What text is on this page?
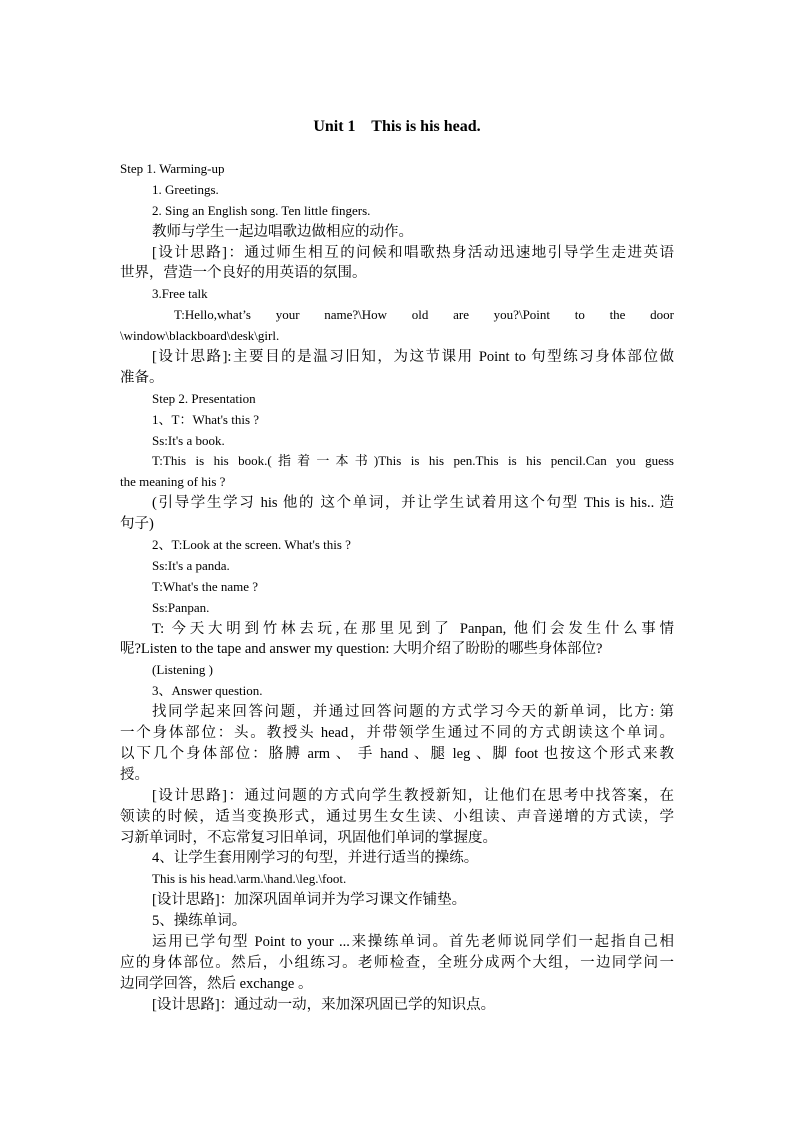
Unit 1    This is his head.
Step 1. Warming-up
1. Greetings.
2. Sing an English song. Ten little fingers.
教师与学生一起边唱歌边做相应的动作。
[设计思路]：通过师生相互的问候和唱歌热身活动迅速地引导学生走进英语
世界，营造一个良好的用英语的氛围。
3.Free talk
T:Hello,what’s your name?\How old are you?\Point to the door
\window\blackboard\desk\girl.
[设计思路]:主要目的是温习旧知，为这节课用 Point to 句型练习身体部位做
准备。
Step 2. Presentation
1、T：What's this ?
Ss:It's a book.
T:This is his book.(指着一本书)This is his pen.This is his pencil.Can you guess
the meaning of his ?
(引导学生学习 his 他的 这个单词，并让学生试着用这个句型 This is his.. 造
句子)
2、T:Look at the screen. What's this ?
Ss:It's a panda.
T:What's the name ?
Ss:Panpan.
T: 今天大明到竹林去玩,在那里见到了 Panpan, 他们会发生什么事情
呢?Listen to the tape and answer my question: 大明介绍了盼盼的哪些身体部位?
(Listening )
3、Answer question.
找同学起来回答问题，并通过回答问题的方式学习今天的新单词，比方: 第
一个身体部位：头。教授头 head，并带领学生通过不同的方式朗读这个单词。
以下几个身体部位：胳膊 arm 、 手 hand 、腿 leg 、脚 foot 也按这个形式来教
授。
[设计思路]：通过问题的方式向学生教授新知，让他们在思考中找答案，在
领读的时候，适当变换形式，通过男生女生读、小组读、声音递增的方式读，学
习新单词时，不忘常复习旧单词，巩固他们单词的掌握度。
4、让学生套用刚学习的句型，并进行适当的操练。
This is his head.\arm.\hand.\leg.\foot.
[设计思路]：加深巩固单词并为学习课文作铺垫。
5、操练单词。
运用已学句型 Point to your ...来操练单词。首先老师说同学们一起指自己相
应的身体部位。然后，小组练习。老师检查，全班分成两个大组，一边同学问一
边同学回答，然后 exchange 。
[设计思路]：通过动一动，来加深巩固已学的知识点。
